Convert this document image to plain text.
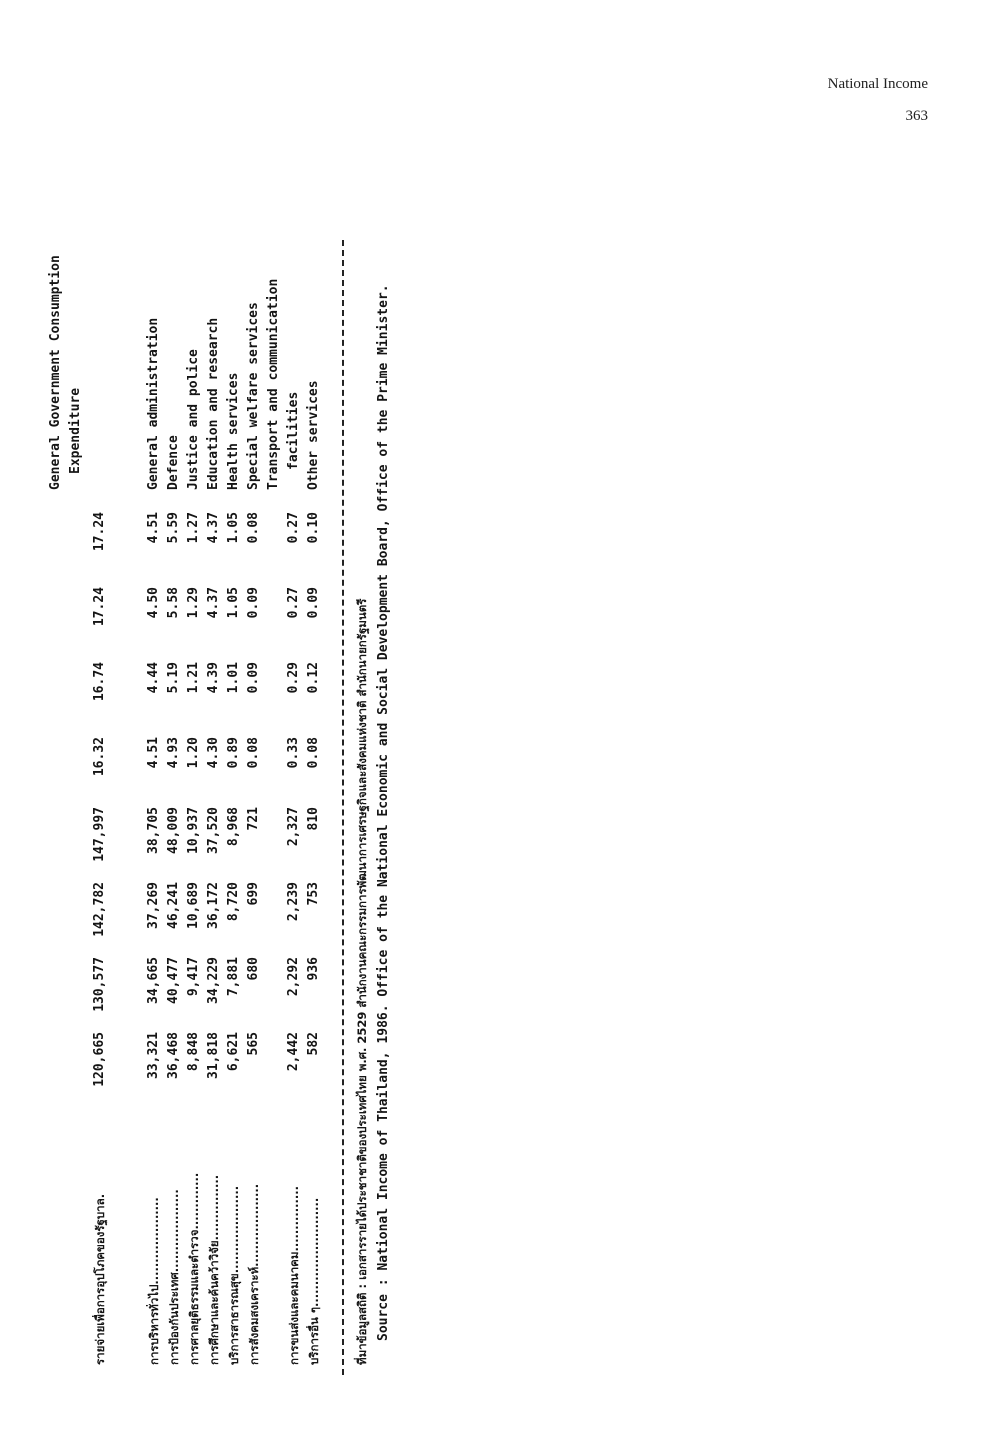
National Income
363
General Government Consumption Expenditure
รายจ่ายเพื่อการอุปโภคของรัฐบาล.
120,665
130,577
142,782
147,997
16.32
16.74
17.24
17.24
การบริหารทั่วไป....................
33,321
34,665
37,269
38,705
4.51
4.44
4.50
4.51
General administration
การป้องกันประเทศ...................
36,468
40,477
46,241
48,009
4.93
5.19
5.58
5.59
Defence
การศาลยุติธรรมและตำรวจ.............
8,848
9,417
10,689
10,937
1.20
1.21
1.29
1.27
Justice and police
การศึกษาและค้นคว้าวิจัย...............
31,818
34,229
36,172
37,520
4.30
4.39
4.37
4.37
Education and research
บริการสาธารณสุข....................
6,621
7,881
8,720
8,968
0.89
1.01
1.05
1.05
Health services
การสังคมสงเคราะห์...................
565
680
699
721
0.08
0.09
0.09
0.08
Special welfare services Transport and communication
การขนส่งและคมนาคม...............
2,442
2,292
2,239
2,327
0.33
0.29
0.27
0.27
facilities
บริการอื่น ๆ.........................
582
936
753
810
0.08
0.12
0.09
0.10
Other services
ที่มาข้อมูลสถิติ : เอกสารรายได้ประชาชาติของประเทศไทย พ.ศ. 2529 สำนักงานคณะกรรมการพัฒนาการเศรษฐกิจและสังคมแห่งชาติ สำนักนายกรัฐมนตรี Source : National Income of Thailand, 1986. Office of the National Economic and Social Development Board, Office of the Prime Minister.
